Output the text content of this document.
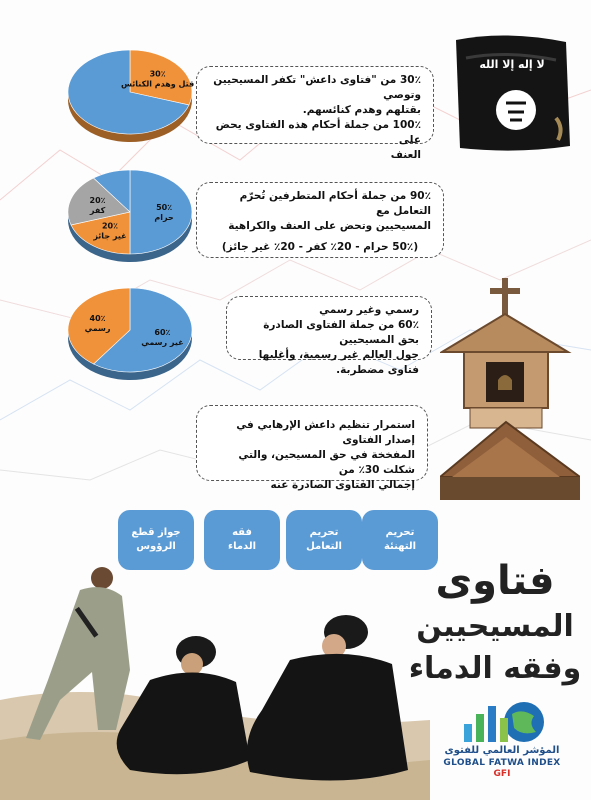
30٪
قتل وهدم الكنائس
50٪
حرام
20٪
غير جائز
20٪
كفر
60٪
غير رسمي
40٪
رسمي

30٪ من "فتاوى داعش" تكفر المسيحيين وتوصي

بقتلهم وهدم كنائسهم.

100٪ من جملة أحكام هذه الفتاوى يحض على

العنف

90٪ من جملة أحكام المتطرفين تُحرّم التعامل مع

المسيحيين وتحض على العنف والكراهية

(50٪ حرام - 20٪ كفر - 20٪ غير جائز)

رسمي وغير رسمي

60٪ من جملة الفتاوى الصادرة بحق المسيحيين

حول العالم غير رسمية، وأغلبها فتاوى مضطربة.

استمرار تنظيم داعش الإرهابي في إصدار الفتاوى

المفخخة في حق المسيحين، والتي شكلت 30٪ من

إجمالي الفتاوى الصادرة عنه

لا إله إلا الله
جواز قطع
الرؤوس
فقه
الدماء
تحريم
التعامل
تحريم
التهنئة
فتاوى
المسيحيين
وفقه الدماء
المؤشر العالمي للفتوى
GLOBAL FATWA INDEX
GFI
